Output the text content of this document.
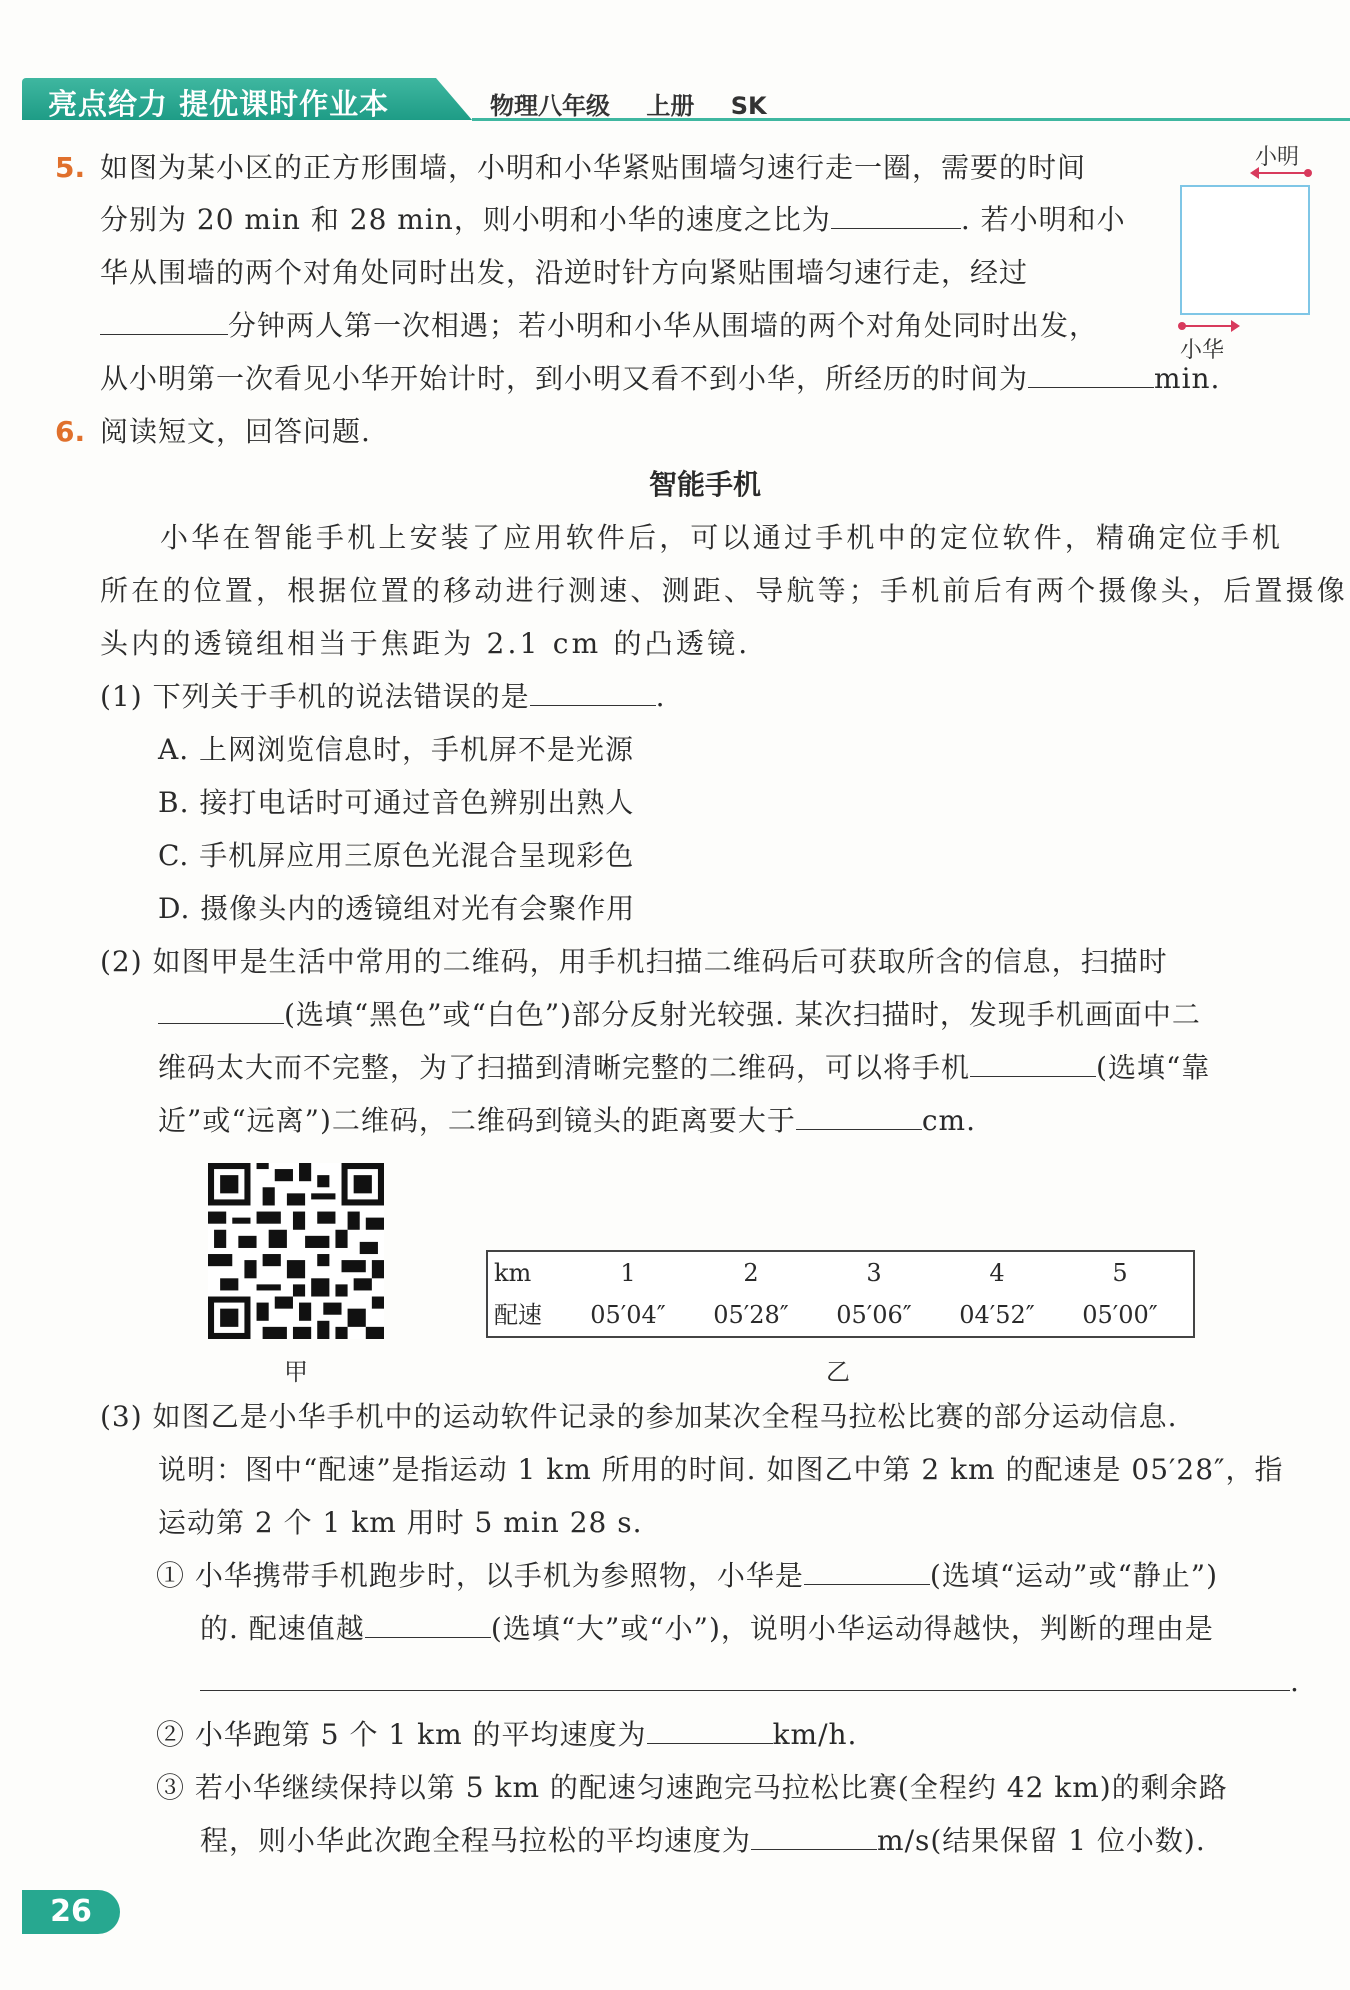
亮点给力 提优课时作业本	物理八年级 上册 SK
5. 如图为某小区的正方形围墙，小明和小华紧贴围墙匀速行走一圈，需要的时间
分别为 20 min 和 28 min，则小明和小华的速度之比为	. 若小明和小
华从围墙的两个对角处同时出发，沿逆时针方向紧贴围墙匀速行走，经过
分钟两人第一次相遇；若小明和小华从围墙的两个对角处同时出发，
从小明第一次看见小华开始计时，到小明又看不到小华，所经历的时间为	min.
小明
小华
6. 阅读短文，回答问题.
智能手机
小华在智能手机上安装了应用软件后，可以通过手机中的定位软件，精确定位手机
所在的位置，根据位置的移动进行测速、测距、导航等；手机前后有两个摄像头，后置摄像
头内的透镜组相当于焦距为 2.1 cm 的凸透镜.
(1) 下列关于手机的说法错误的是	.
A. 上网浏览信息时，手机屏不是光源
B. 接打电话时可通过音色辨别出熟人
C. 手机屏应用三原色光混合呈现彩色
D. 摄像头内的透镜组对光有会聚作用
(2) 如图甲是生活中常用的二维码，用手机扫描二维码后可获取所含的信息，扫描时
(选填“黑色”或“白色”)部分反射光较强. 某次扫描时，发现手机画面中二
维码太大而不完整，为了扫描到清晰完整的二维码，可以将手机	(选填“靠
近”或“远离”)二维码，二维码到镜头的距离要大于	cm.
甲
km	1	2	3	4	5
配速	05′04″	05′28″	05′06″	04′52″	05′00″
乙
(3) 如图乙是小华手机中的运动软件记录的参加某次全程马拉松比赛的部分运动信息.
说明：图中“配速”是指运动 1 km 所用的时间. 如图乙中第 2 km 的配速是 05′28″，指
运动第 2 个 1 km 用时 5 min 28 s.
① 小华携带手机跑步时，以手机为参照物，小华是	(选填“运动”或“静止”)
的. 配速值越	(选填“大”或“小”)，说明小华运动得越快，判断的理由是
.
② 小华跑第 5 个 1 km 的平均速度为	km/h.
③ 若小华继续保持以第 5 km 的配速匀速跑完马拉松比赛(全程约 42 km)的剩余路
程，则小华此次跑全程马拉松的平均速度为	m/s(结果保留 1 位小数).
26
